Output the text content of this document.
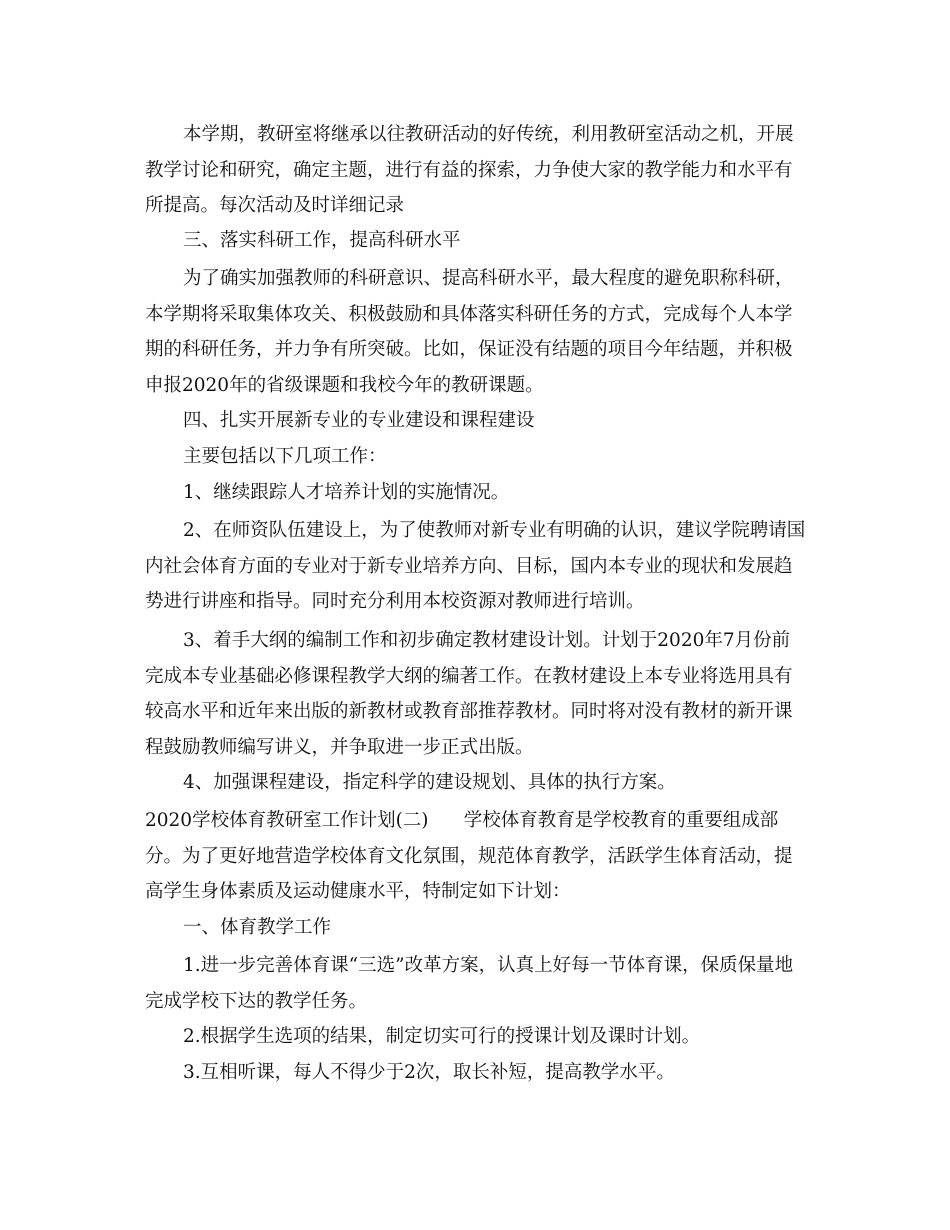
本学期，教研室将继承以往教研活动的好传统，利用教研室活动之机，开展
教学讨论和研究，确定主题，进行有益的探索，力争使大家的教学能力和水平有
所提高。每次活动及时详细记录

三、落实科研工作，提高科研水平

为了确实加强教师的科研意识、提高科研水平，最大程度的避免职称科研，
本学期将采取集体攻关、积极鼓励和具体落实科研任务的方式，完成每个人本学
期的科研任务，并力争有所突破。比如，保证没有结题的项目今年结题，并积极
申报2020年的省级课题和我校今年的教研课题。

四、扎实开展新专业的专业建设和课程建设
主要包括以下几项工作：
1、继续跟踪人才培养计划的实施情况。

2、在师资队伍建设上，为了使教师对新专业有明确的认识，建议学院聘请国
内社会体育方面的专业对于新专业培养方向、目标，国内本专业的现状和发展趋
势进行讲座和指导。同时充分利用本校资源对教师进行培训。

3、着手大纲的编制工作和初步确定教材建设计划。计划于2020年7月份前
完成本专业基础必修课程教学大纲的编著工作。在教材建设上本专业将选用具有
较高水平和近年来出版的新教材或教育部推荐教材。同时将对没有教材的新开课
程鼓励教师编写讲义，并争取进一步正式出版。

4、加强课程建设，指定科学的建设规划、具体的执行方案。

2020学校体育教研室工作计划(二)      学校体育教育是学校教育的重要组成部
分。为了更好地营造学校体育文化氛围，规范体育教学，活跃学生体育活动，提
高学生身体素质及运动健康水平，特制定如下计划：

一、体育教学工作

1.进一步完善体育课“三选”改革方案，认真上好每一节体育课，保质保量地
完成学校下达的教学任务。

2.根据学生选项的结果，制定切实可行的授课计划及课时计划。
3.互相听课，每人不得少于2次，取长补短，提高教学水平。
